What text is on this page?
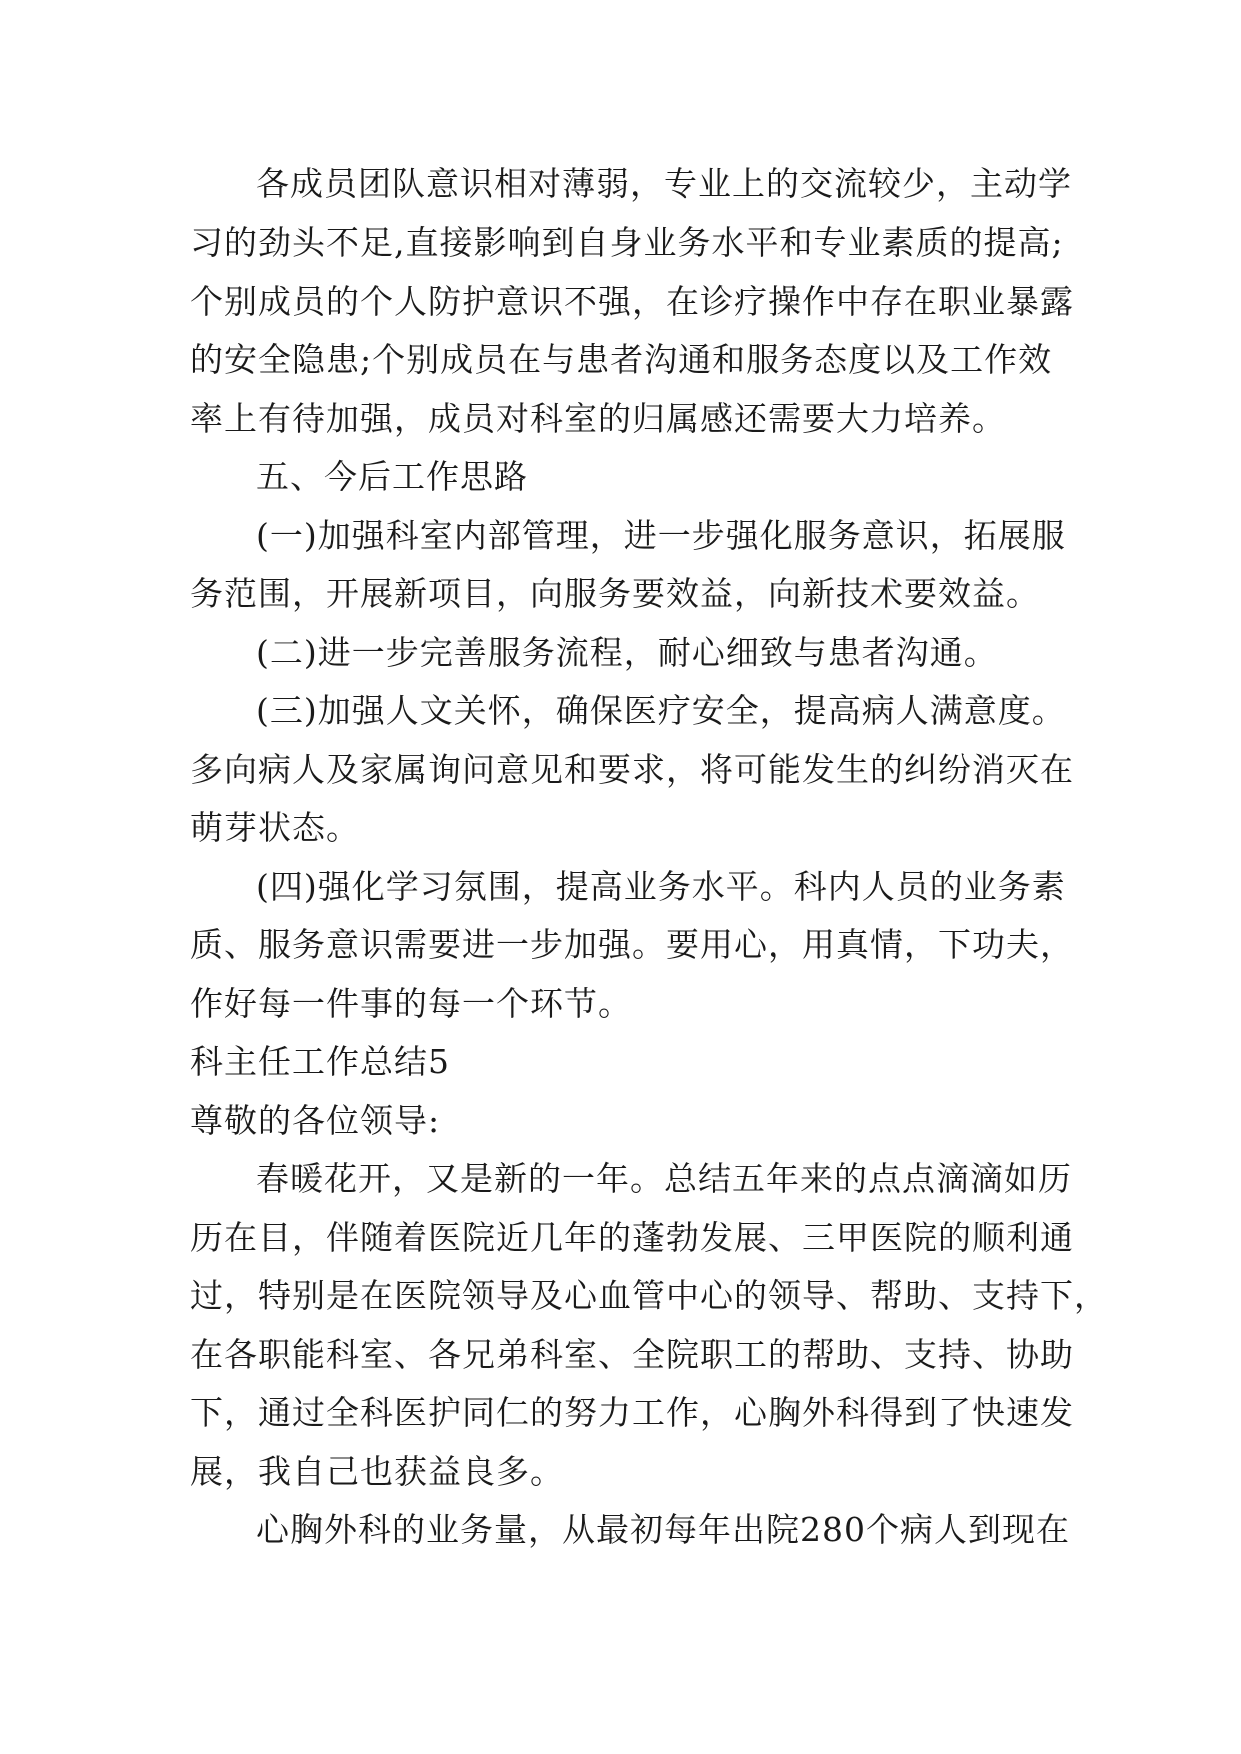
各成员团队意识相对薄弱，专业上的交流较少，主动学
习的劲头不足,直接影响到自身业务水平和专业素质的提高;
个别成员的个人防护意识不强，在诊疗操作中存在职业暴露
的安全隐患;个别成员在与患者沟通和服务态度以及工作效
率上有待加强，成员对科室的归属感还需要大力培养。
五、今后工作思路
(一)加强科室内部管理，进一步强化服务意识，拓展服
务范围，开展新项目，向服务要效益，向新技术要效益。
(二)进一步完善服务流程，耐心细致与患者沟通。
(三)加强人文关怀，确保医疗安全，提高病人满意度。
多向病人及家属询问意见和要求，将可能发生的纠纷消灭在
萌芽状态。
(四)强化学习氛围，提高业务水平。科内人员的业务素
质、服务意识需要进一步加强。要用心，用真情，下功夫，
作好每一件事的每一个环节。
科主任工作总结5
尊敬的各位领导:
春暖花开，又是新的一年。总结五年来的点点滴滴如历
历在目，伴随着医院近几年的蓬勃发展、三甲医院的顺利通
过，特别是在医院领导及心血管中心的领导、帮助、支持下，
在各职能科室、各兄弟科室、全院职工的帮助、支持、协助
下，通过全科医护同仁的努力工作，心胸外科得到了快速发
展，我自己也获益良多。
心胸外科的业务量，从最初每年出院280个病人到现在
